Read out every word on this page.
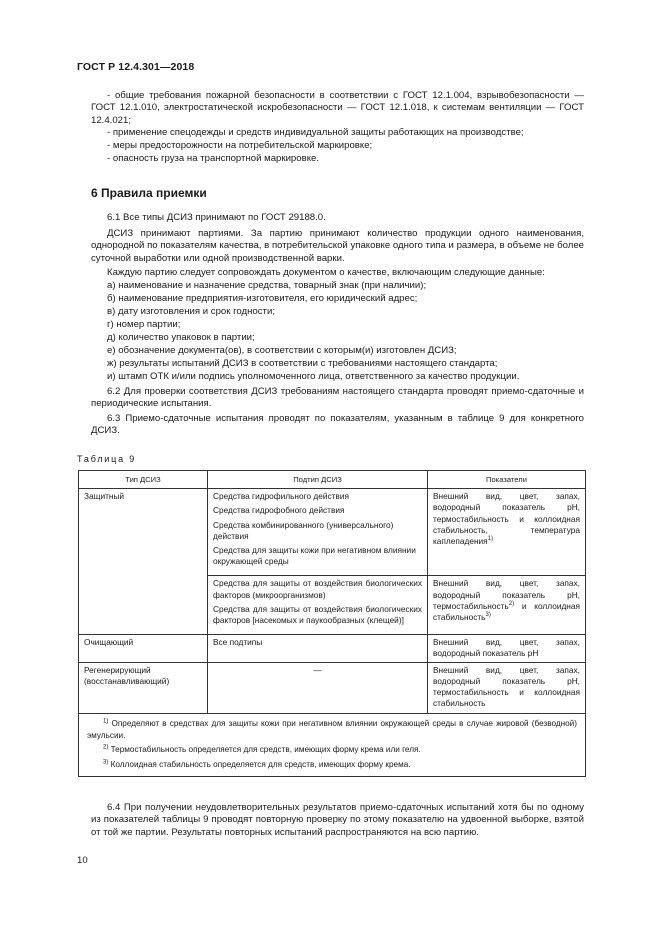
ГОСТ Р 12.4.301—2018

- общие требования пожарной безопасности в соответствии с ГОСТ 12.1.004, взрывобезопасности — ГОСТ 12.1.010, электростатической искробезопасности — ГОСТ 12.1.018, к системам вентиляции — ГОСТ 12.4.021;

- применение спецодежды и средств индивидуальной защиты работающих на производстве;

- меры предосторожности на потребительской маркировке;

- опасность груза на транспортной маркировке.

6 Правила приемки

6.1 Все типы ДСИЗ принимают по ГОСТ 29188.0.

ДСИЗ принимают партиями. За партию принимают количество продукции одного наименования, однородной по показателям качества, в потребительской упаковке одного типа и размера, в объеме не более суточной выработки или одной производственной варки.

Каждую партию следует сопровождать документом о качестве, включающим следующие данные:

а) наименование и назначение средства, товарный знак (при наличии);

б) наименование предприятия-изготовителя, его юридический адрес;

в) дату изготовления и срок годности;

г) номер партии;

д) количество упаковок в партии;

е) обозначение документа(ов), в соответствии с которым(и) изготовлен ДСИЗ;

ж) результаты испытаний ДСИЗ в соответствии с требованиями настоящего стандарта;

и) штамп ОТК и/или подпись уполномоченного лица, ответственного за качество продукции.

6.2 Для проверки соответствия ДСИЗ требованиям настоящего стандарта проводят приемо-сдаточные и периодические испытания.

6.3 Приемо-сдаточные испытания проводят по показателям, указанным в таблице 9 для конкретного ДСИЗ.

Таблица 9
Тип ДСИЗ	Подтип ДСИЗ	Показатели
Защитный	Средства гидрофильного действия
Средства гидрофобного действия
Средства комбинированного (универсального) действия
Средства для защиты кожи при негативном влиянии окружающей среды	Внешний вид, цвет, запах, водородный показатель pH, термостабильность и коллоидная стабильность, температура каплепадения$^{1)}$

	Средства для защиты от воздействия биологических факторов (микроорганизмов)
Средства для защиты от воздействия биологических факторов [насекомых и паукообразных (клещей)]	Внешний вид, цвет, запах, водородный показатель pH, термостабильность$^{2)}$ и коллоидная стабильность$^{3)}$
Очищающий	Все подтипы	Внешний вид, цвет, запах, водородный показатель pH
Регенерирующий (восстанавливающий)	—	Внешний вид, цвет, запах, водородный показатель pH, термостабильность и коллоидная стабильность

$^{1)}$ Определяют в средствах для защиты кожи при негативном влиянии окружающей среды в случае жировой (безводной) эмульсии.

$^{2)}$ Термостабильность определяется для средств, имеющих форму крема или геля.

$^{3)}$ Коллоидная стабильность определяется для средств, имеющих форму крема.		

6.4 При получении неудовлетворительных результатов приемо-сдаточных испытаний хотя бы по одному из показателей таблицы 9 проводят повторную проверку по этому показателю на удвоенной выборке, взятой от той же партии. Результаты повторных испытаний распространяются на всю партию.

10
